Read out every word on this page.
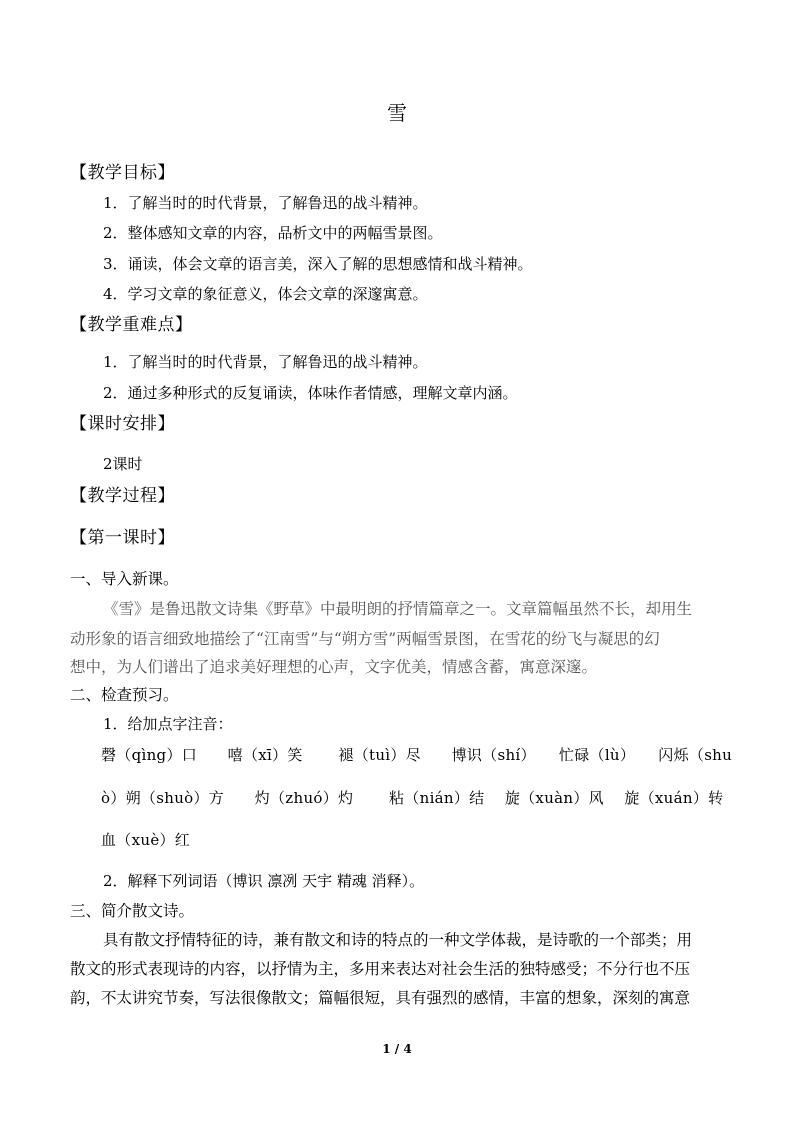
雪
【教学目标】
1．了解当时的时代背景，了解鲁迅的战斗精神。
2．整体感知文章的内容，品析文中的两幅雪景图。
3．诵读，体会文章的语言美，深入了解的思想感情和战斗精神。
4．学习文章的象征意义，体会文章的深邃寓意。
【教学重难点】
1．了解当时的时代背景，了解鲁迅的战斗精神。
2．通过多种形式的反复诵读，体味作者情感，理解文章内涵。
【课时安排】
2课时
【教学过程】
【第一课时】
一、导入新课。
《雪》是鲁迅散文诗集《野草》中最明朗的抒情篇章之一。文章篇幅虽然不长，却用生
动形象的语言细致地描绘了“江南雪”与“朔方雪”两幅雪景图，在雪花的纷飞与凝思的幻
想中，为人们谱出了追求美好理想的心声，文字优美，情感含蓄，寓意深邃。
二、检查预习。
1．给加点字注音：
磬（qìng）口　　嘻（xī）笑　　 褪（tuì）尽　　博识（shí）　　忙碌（lù）　　闪烁（shu
ò）朔（shuò）方　　灼（zhuó）灼　　 粘（nián）结　 旋（xuàn）风　 旋（xuán）转
血（xuè）红
2．解释下列词语（博识 凛冽 天宇 精魂 消释）。
三、简介散文诗。
具有散文抒情特征的诗，兼有散文和诗的特点的一种文学体裁，是诗歌的一个部类；用
散文的形式表现诗的内容，以抒情为主，多用来表达对社会生活的独特感受；不分行也不压
韵，不太讲究节奏，写法很像散文；篇幅很短，具有强烈的感情，丰富的想象，深刻的寓意
1 / 4
